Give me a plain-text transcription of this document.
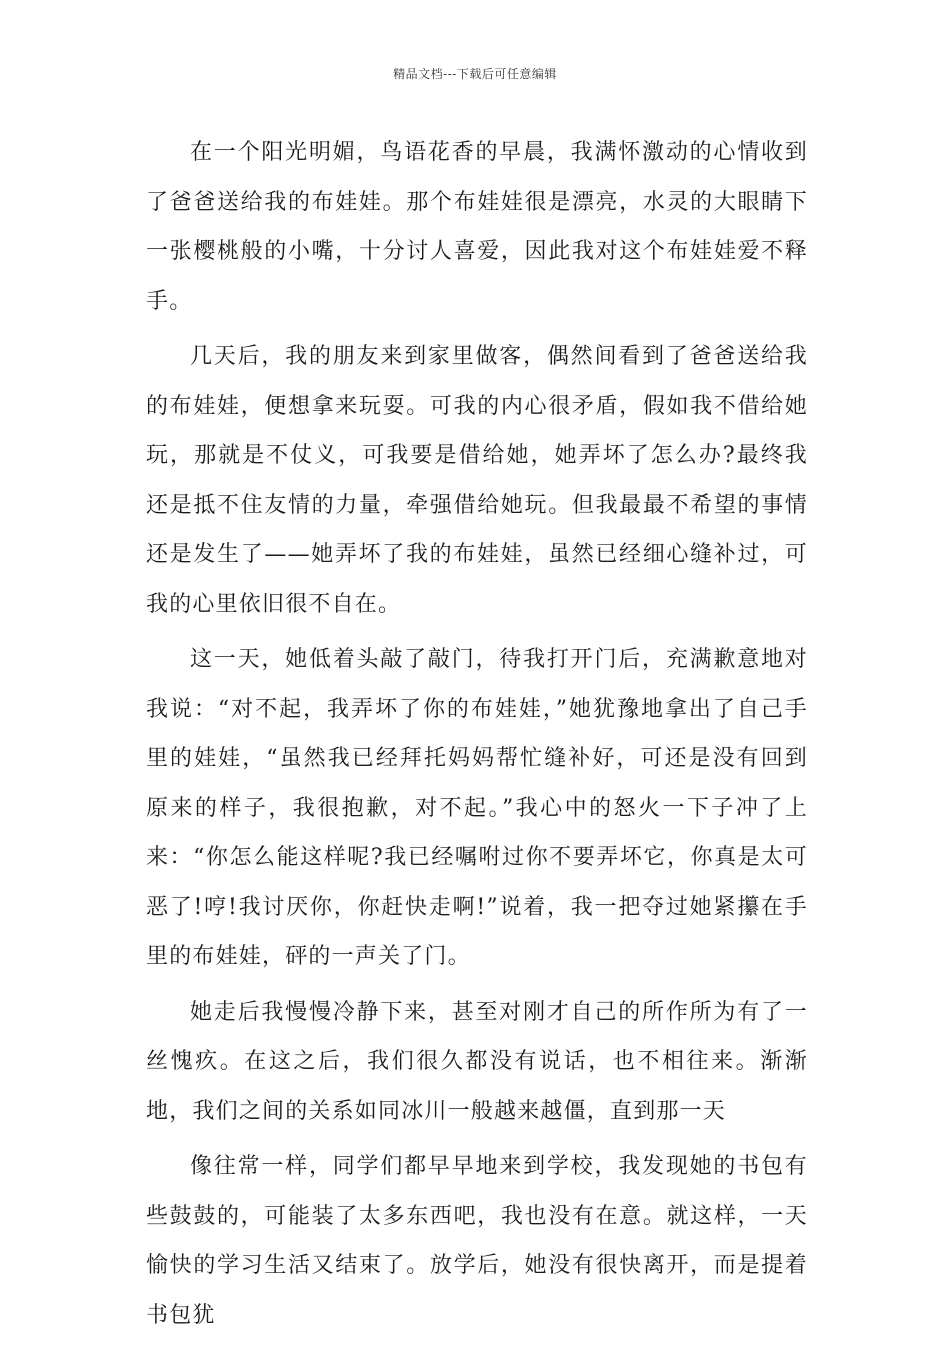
精品文档---下载后可任意编辑

在一个阳光明媚，鸟语花香的早晨，我满怀激动的心情收到了爸爸送给我的布娃娃。那个布娃娃很是漂亮，水灵的大眼睛下一张樱桃般的小嘴，十分讨人喜爱，因此我对这个布娃娃爱不释手。

几天后，我的朋友来到家里做客，偶然间看到了爸爸送给我的布娃娃，便想拿来玩耍。可我的内心很矛盾，假如我不借给她玩，那就是不仗义，可我要是借给她，她弄坏了怎么办?最终我还是抵不住友情的力量，牵强借给她玩。但我最最不希望的事情还是发生了——她弄坏了我的布娃娃，虽然已经细心缝补过，可我的心里依旧很不自在。

这一天，她低着头敲了敲门，待我打开门后，充满歉意地对我说：“对不起，我弄坏了你的布娃娃，”她犹豫地拿出了自己手里的娃娃，“虽然我已经拜托妈妈帮忙缝补好，可还是没有回到原来的样子，我很抱歉，对不起。”我心中的怒火一下子冲了上来：“你怎么能这样呢?我已经嘱咐过你不要弄坏它，你真是太可恶了!哼!我讨厌你，你赶快走啊!”说着，我一把夺过她紧攥在手里的布娃娃，砰的一声关了门。

她走后我慢慢冷静下来，甚至对刚才自己的所作所为有了一丝愧疚。在这之后，我们很久都没有说话，也不相往来。渐渐地，我们之间的关系如同冰川一般越来越僵，直到那一天

像往常一样，同学们都早早地来到学校，我发现她的书包有些鼓鼓的，可能装了太多东西吧，我也没有在意。就这样，一天愉快的学习生活又结束了。放学后，她没有很快离开，而是提着书包犹
